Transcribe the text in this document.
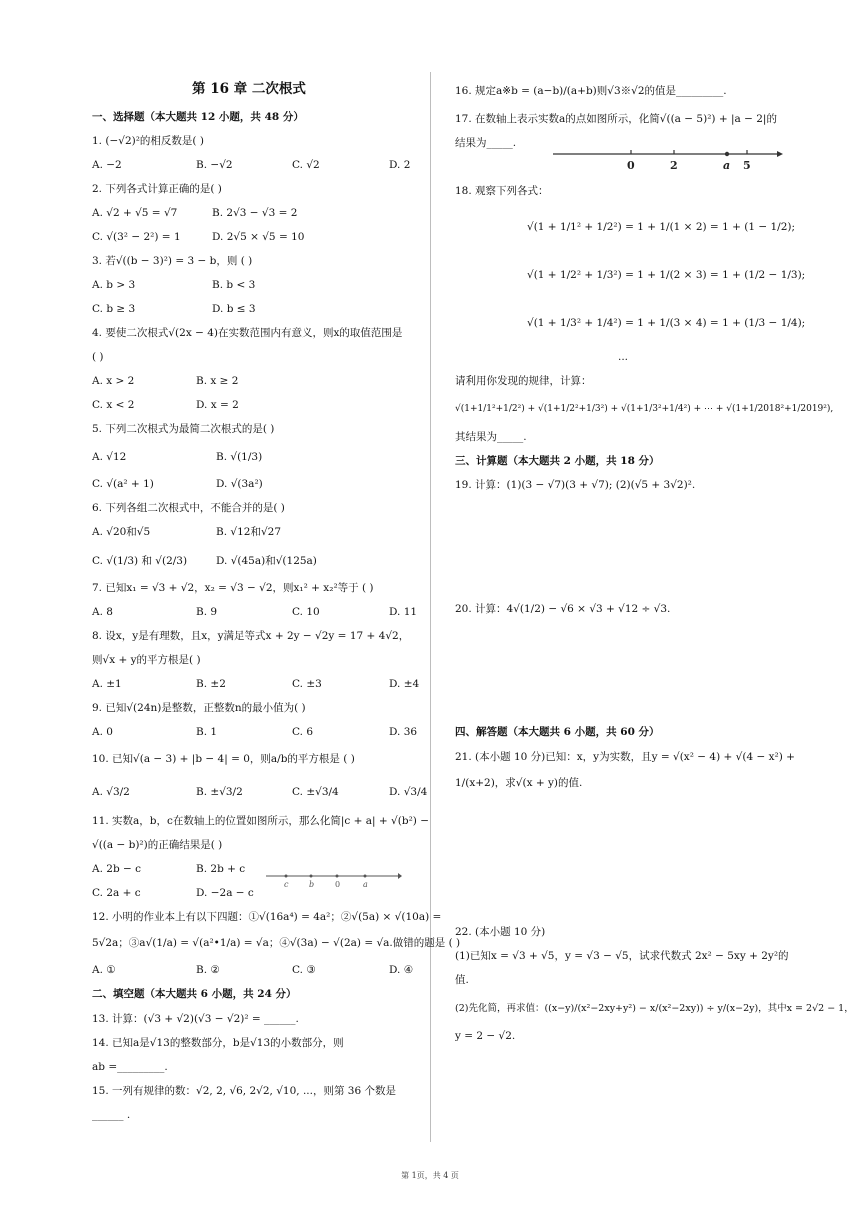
第 16 章 二次根式
一、选择题（本大题共 12 小题，共 48 分）
1. (−√2)²的相反数是( )
A. −2	B. −√2	C. √2	D. 2
2. 下列各式计算正确的是( )
A. √2 + √5 = √7	B. 2√3 − √3 = 2
C. √(3² − 2²) = 1	D. 2√5 × √5 = 10
3. 若√((b − 3)²) = 3 − b，则 ( )
A. b > 3	B. b < 3
C. b ≥ 3	D. b ≤ 3
4. 要使二次根式√(2x − 4)在实数范围内有意义，则x的取值范围是
( )
A. x > 2	B. x ≥ 2
C. x < 2	D. x = 2
5. 下列二次根式为最简二次根式的是( )
A. √12	B. √(1/3)
C. √(a² + 1)	D. √(3a²)
6. 下列各组二次根式中，不能合并的是( )
A. √20和√5	B. √12和√27
C. √(1/3) 和 √(2/3)	D. √(45a)和√(125a)
7. 已知x₁ = √3 + √2，x₂ = √3 − √2，则x₁² + x₂²等于 ( )
A. 8	B. 9	C. 10	D. 11
8. 设x，y是有理数，且x，y满足等式x + 2y − √2y = 17 + 4√2，
则√x + y的平方根是( )
A. ±1	B. ±2	C. ±3	D. ±4
9. 已知√(24n)是整数，正整数n的最小值为( )
A. 0	B. 1	C. 6	D. 36
10. 已知√(a − 3) + |b − 4| = 0，则a/b的平方根是 ( )
A. √3/2	B. ±√3/2	C. ±√3/4	D. √3/4
11. 实数a，b，c在数轴上的位置如图所示，那么化简|c + a| + √(b²) −
√((a − b)²)的正确结果是( )
A. 2b − c	B. 2b + c
C. 2a + c	D. −2a − c
c	b	0	a
12. 小明的作业本上有以下四题：①√(16a⁴) = 4a²；②√(5a) × √(10a) =
5√2a；③a√(1/a) = √(a²•1/a) = √a；④√(3a) − √(2a) = √a.做错的题是 ( )
A. ①	B. ②	C. ③	D. ④
二、填空题（本大题共 6 小题，共 24 分）
13. 计算：(√3 + √2)(√3 − √2)² = ______.
14. 已知a是√13的整数部分，b是√13的小数部分，则
ab =_________.
15. 一列有规律的数：√2, 2, √6, 2√2, √10, ...，则第 36 个数是
______ .
16. 规定a※b = (a−b)/(a+b)则√3※√2的值是_________.
17. 在数轴上表示实数a的点如图所示，化简√((a − 5)²) + |a − 2|的
结果为_____.
0	2	a 5
18. 观察下列各式：
√(1 + 1/1² + 1/2²) = 1 + 1/(1 × 2) = 1 + (1 − 1/2);
√(1 + 1/2² + 1/3²) = 1 + 1/(2 × 3) = 1 + (1/2 − 1/3);
√(1 + 1/3² + 1/4²) = 1 + 1/(3 × 4) = 1 + (1/3 − 1/4);
...
请利用你发现的规律，计算：
√(1+1/1²+1/2²) + √(1+1/2²+1/3²) + √(1+1/3²+1/4²) + ⋯ + √(1+1/2018²+1/2019²),
其结果为_____.
三、计算题（本大题共 2 小题，共 18 分）
19. 计算：(1)(3 − √7)(3 + √7); (2)(√5 + 3√2)².
20. 计算：4√(1/2) − √6 × √3 + √12 ÷ √3.
四、解答题（本大题共 6 小题，共 60 分）
21. (本小题 10 分)已知：x，y为实数，且y = √(x² − 4) + √(4 − x²) +
1/(x+2)，求√(x + y)的值.
22. (本小题 10 分)
(1)已知x = √3 + √5，y = √3 − √5，试求代数式 2x² − 5xy + 2y²的
值.
(2)先化简，再求值：((x−y)/(x²−2xy+y²) − x/(x²−2xy)) ÷ y/(x−2y)，其中x = 2√2 − 1，
y = 2 − √2.
第 1页，共 4 页
